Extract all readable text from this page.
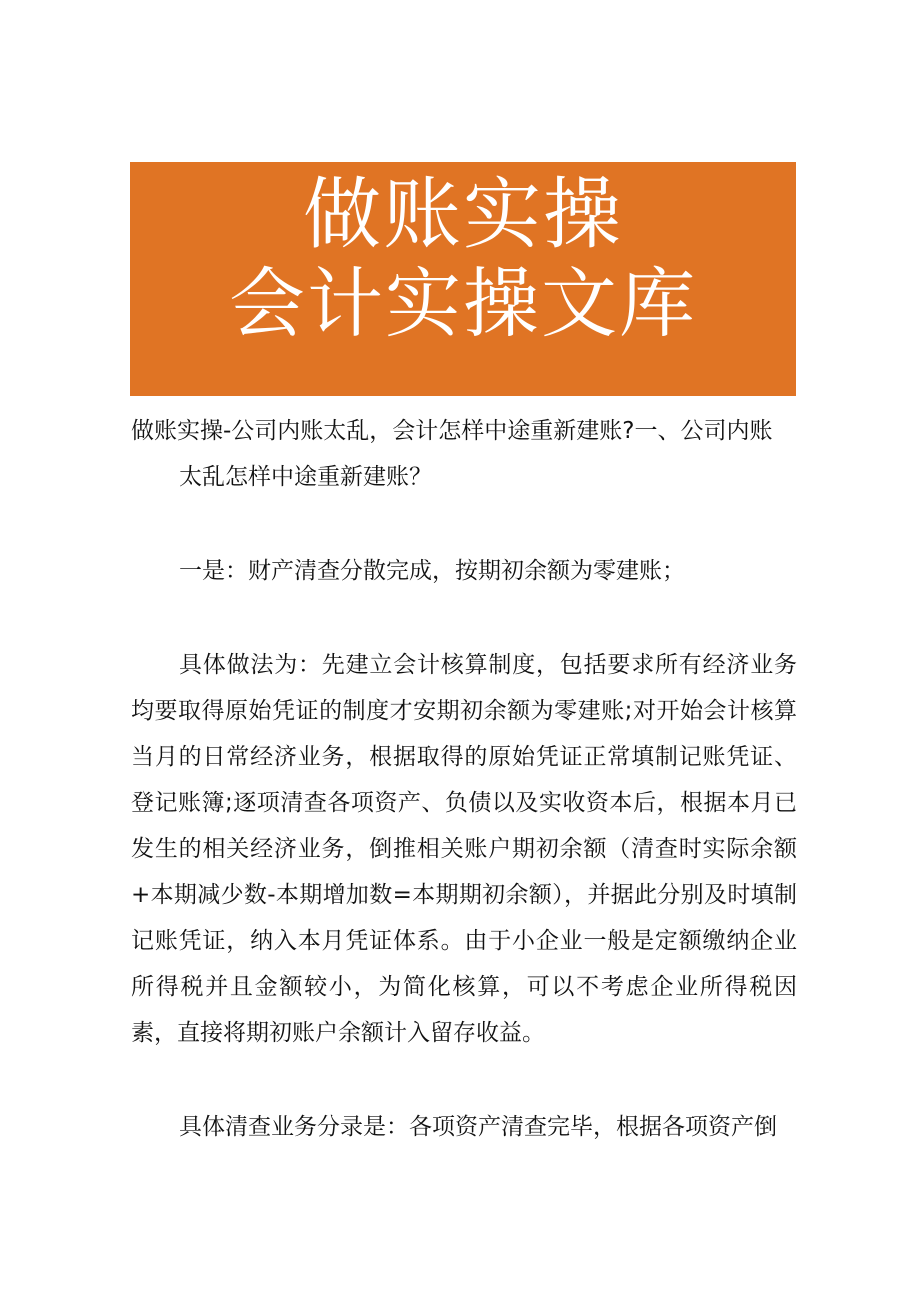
做账实操
会计实操文库

做账实操-公司内账太乱，会计怎样中途重新建账?一、公司内账
太乱怎样中途重新建账？

一是：财产清查分散完成，按期初余额为零建账；

具体做法为：先建立会计核算制度，包括要求所有经济业务均要取得原始凭证的制度才安期初余额为零建账;对开始会计核算当月的日常经济业务，根据取得的原始凭证正常填制记账凭证、登记账簿;逐项清查各项资产、负债以及实收资本后，根据本月已发生的相关经济业务，倒推相关账户期初余额（清查时实际余额+本期减少数-本期增加数=本期期初余额），并据此分别及时填制记账凭证，纳入本月凭证体系。由于小企业一般是定额缴纳企业所得税并且金额较小，为简化核算，可以不考虑企业所得税因素，直接将期初账户余额计入留存收益。

具体清查业务分录是：各项资产清查完毕，根据各项资产倒
